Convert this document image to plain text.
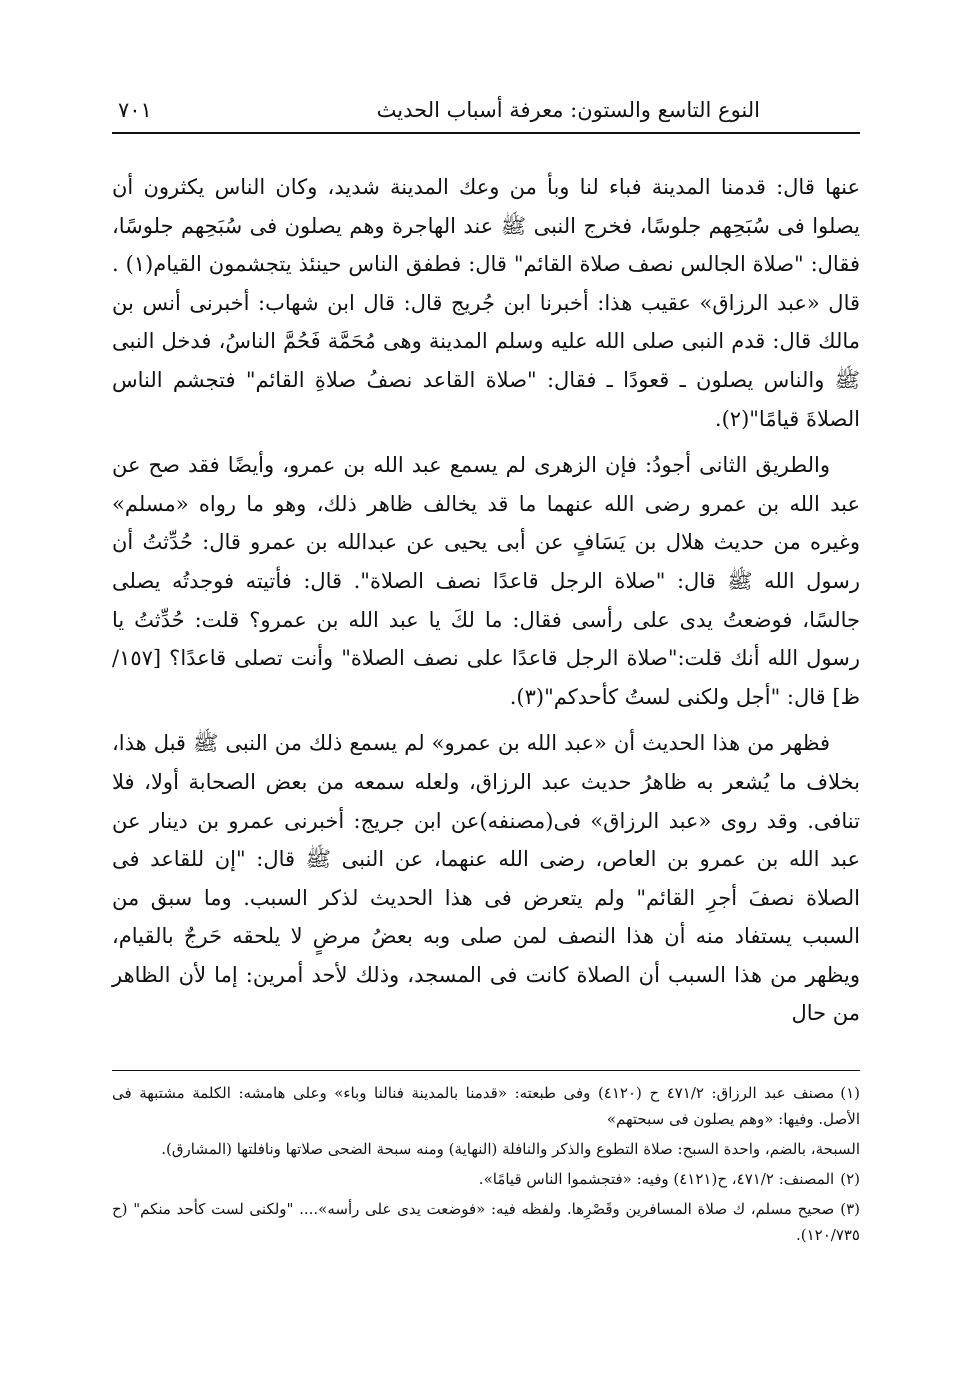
النوع التاسع والستون: معرفة أسباب الحديث
٧٠١

عنها قال: قدمنا المدينة فباء لنا وبأ من وعك المدينة شديد، وكان الناس يكثرون أن يصلوا فى سُبَحِهم جلوسًا، فخرج النبى ﷺ عند الهاجرة وهم يصلون فى سُبَحِهم جلوسًا، فقال: "صلاة الجالس نصف صلاة القائم" قال: فطفق الناس حينئذ يتجشمون القيام(١) . قال «عبد الرزاق» عقيب هذا: أخبرنا ابن جُريج قال: قال ابن شهاب: أخبرنى أنس بن مالك قال: قدم النبى صلى الله عليه وسلم المدينة وهى مُحَمَّة فَحُمَّ الناسُ، فدخل النبى ﷺ والناس يصلون ـ قعودًا ـ فقال: "صلاة القاعد نصفُ صلاةِ القائم" فتجشم الناس الصلاةَ قيامًا"(٢).

والطريق الثانى أجودُ: فإن الزهرى لم يسمع عبد الله بن عمرو، وأيضًا فقد صح عن عبد الله بن عمرو رضى الله عنهما ما قد يخالف ظاهر ذلك، وهو ما رواه «مسلم» وغيره من حديث هلال بن يَسَافٍ عن أبى يحيى عن عبدالله بن عمرو قال: حُدِّثتُ أن رسول الله ﷺ قال: "صلاة الرجل قاعدًا نصف الصلاة". قال: فأتيته فوجدتُه يصلى جالسًا، فوضعتُ يدى على رأسى فقال: ما لكَ يا عبد الله بن عمرو؟ قلت: حُدِّثتُ يا رسول الله أنك قلت:"صلاة الرجل قاعدًا على نصف الصلاة" وأنت تصلى قاعدًا؟ [١٥٧/ظ] قال: "أجل ولكنى لستُ كأحدكم"(٣).

فظهر من هذا الحديث أن «عبد الله بن عمرو» لم يسمع ذلك من النبى ﷺ قبل هذا، بخلاف ما يُشعر به ظاهرُ حديث عبد الرزاق، ولعله سمعه من بعض الصحابة أولا، فلا تنافى. وقد روى «عبد الرزاق» فى(مصنفه)عن ابن جريج: أخبرنى عمرو بن دينار عن عبد الله بن عمرو بن العاص، رضى الله عنهما، عن النبى ﷺ قال: "إن للقاعد فى الصلاة نصفَ أجرِ القائم" ولم يتعرض فى هذا الحديث لذكر السبب. وما سبق من السبب يستفاد منه أن هذا النصف لمن صلى وبه بعضُ مرضٍ لا يلحقه حَرجٌ بالقيام، ويظهر من هذا السبب أن الصلاة كانت فى المسجد، وذلك لأحد أمرين: إما لأن الظاهر من حال

(١)مصنف عبد الرزاق: ٤٧١/٢ ح (٤١٢٠) وفى طبعته: «قدمنا بالمدينة فنالنا وباء» وعلى هامشه: الكلمة مشتبهة فى الأصل. وفيها: «وهم يصلون فى سبحتهم»

السبحة، بالضم، واحدة السبح: صلاة التطوع والذكر والنافلة (النهاية) ومنه سبحة الضحى صلاتها ونافلتها (المشارق).

(٢)المصنف: ٤٧١/٢، ح(٤١٢١) وفيه: «فتجشموا الناس قيامًا».

(٣)صحيح مسلم، ك صلاة المسافرين وقَصْرِها. ولفظه فيه: «فوضعت يدى على رأسه».... "ولكنى لست كأحد منكم" (ح ١٢٠/٧٣٥).
